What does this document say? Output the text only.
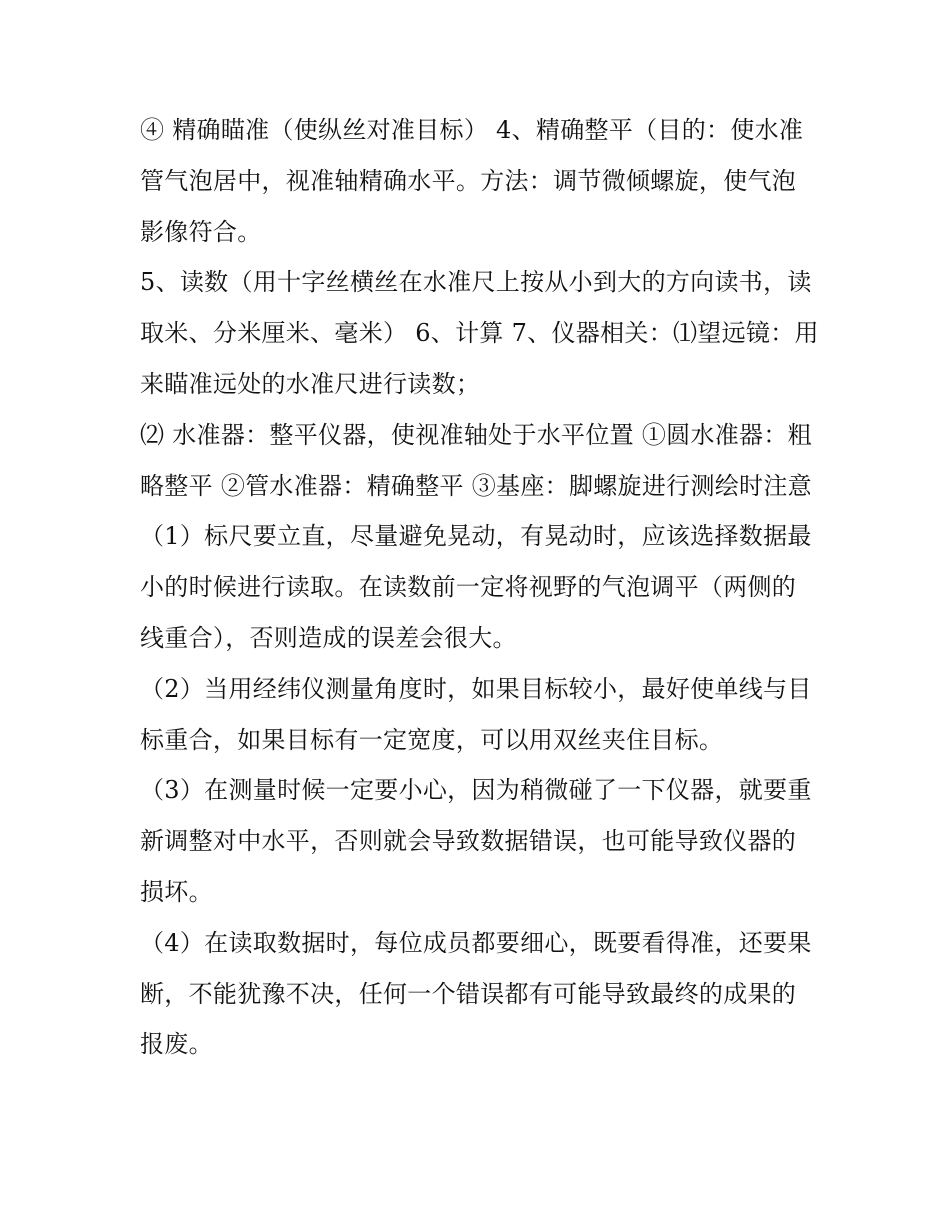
④ 精确瞄准（使纵丝对准目标） 4、精确整平（目的：使水准管气泡居中，视准轴精确水平。方法：调节微倾螺旋，使气泡影像符合。

5、读数（用十字丝横丝在水准尺上按从小到大的方向读书，读取米、分米厘米、毫米） 6、计算 7、仪器相关：⑴望远镜：用来瞄准远处的水准尺进行读数；

⑵ 水准器：整平仪器，使视准轴处于水平位置 ①圆水准器：粗略整平 ②管水准器：精确整平 ③基座：脚螺旋进行测绘时注意

（1）标尺要立直，尽量避免晃动，有晃动时，应该选择数据最小的时候进行读取。在读数前一定将视野的气泡调平（两侧的线重合），否则造成的误差会很大。

（2）当用经纬仪测量角度时，如果目标较小，最好使单线与目标重合，如果目标有一定宽度，可以用双丝夹住目标。

（3）在测量时候一定要小心，因为稍微碰了一下仪器，就要重新调整对中水平，否则就会导致数据错误，也可能导致仪器的损坏。

（4）在读取数据时，每位成员都要细心，既要看得准，还要果断，不能犹豫不决，任何一个错误都有可能导致最终的成果的报废。
